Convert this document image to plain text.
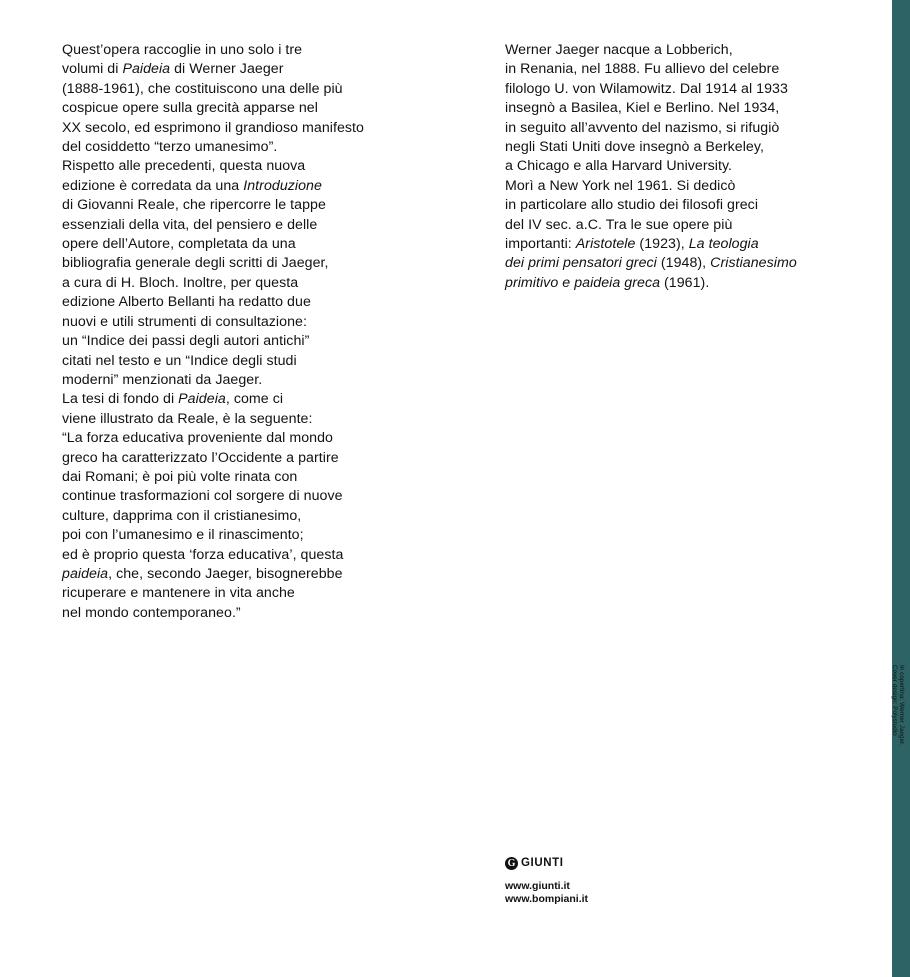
Quest’opera raccoglie in uno solo i tre
volumi di Paideia di Werner Jaeger
(1888-1961), che costituiscono una delle più
cospicue opere sulla grecità apparse nel
XX secolo, ed esprimono il grandioso manifesto
del cosiddetto “terzo umanesimo”.
Rispetto alle precedenti, questa nuova
edizione è corredata da una Introduzione
di Giovanni Reale, che ripercorre le tappe
essenziali della vita, del pensiero e delle
opere dell’Autore, completata da una
bibliografia generale degli scritti di Jaeger,
a cura di H. Bloch. Inoltre, per questa
edizione Alberto Bellanti ha redatto due
nuovi e utili strumenti di consultazione:
un “Indice dei passi degli autori antichi”
citati nel testo e un “Indice degli studi
moderni” menzionati da Jaeger.
La tesi di fondo di Paideia, come ci
viene illustrato da Reale, è la seguente:
“La forza educativa proveniente dal mondo
greco ha caratterizzato l’Occidente a partire
dai Romani; è poi più volte rinata con
continue trasformazioni col sorgere di nuove
culture, dapprima con il cristianesimo,
poi con l’umanesimo e il rinascimento;
ed è proprio questa ‘forza educativa’, questa
paideia, che, secondo Jaeger, bisognerebbe
ricuperare e mantenere in vita anche
nel mondo contemporaneo.”

Werner Jaeger nacque a Lobberich,
in Renania, nel 1888. Fu allievo del celebre
filologo U. von Wilamowitz. Dal 1914 al 1933
insegnò a Basilea, Kiel e Berlino. Nel 1934,
in seguito all’avvento del nazismo, si rifugiò
negli Stati Uniti dove insegnò a Berkeley,
a Chicago e alla Harvard University.
Morì a New York nel 1961. Si dedicò
in particolare allo studio dei filosofi greci
del IV sec. a.C. Tra le sue opere più
importanti: Aristotele (1923), La teologia
dei primi pensatori greci (1948), Cristianesimo
primitivo e paideia greca (1961).

G GIUNTI
www.giunti.it
www.bompiani.it
In copertina: Werner Jaeger.
Cover design: Polystudio
